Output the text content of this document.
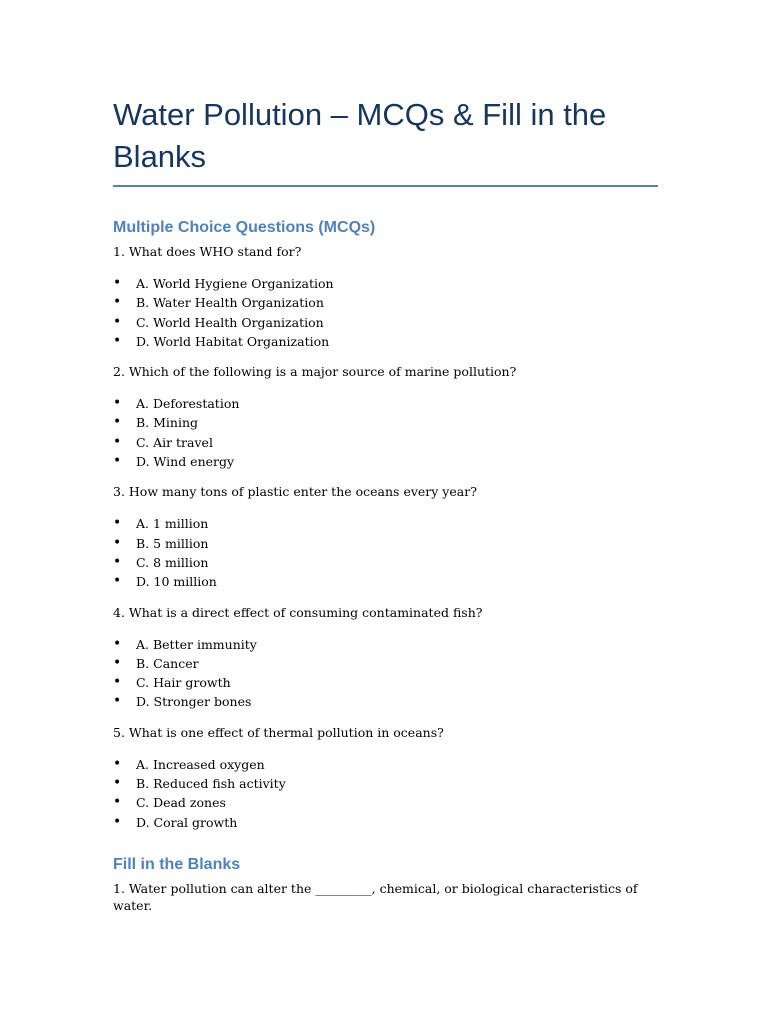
Water Pollution – MCQs & Fill in the Blanks
Multiple Choice Questions (MCQs)

1. What does WHO stand for?

• A. World Hygiene Organization
• B. Water Health Organization
• C. World Health Organization
• D. World Habitat Organization

2. Which of the following is a major source of marine pollution?

• A. Deforestation
• B. Mining
• C. Air travel
• D. Wind energy

3. How many tons of plastic enter the oceans every year?

• A. 1 million
• B. 5 million
• C. 8 million
• D. 10 million

4. What is a direct effect of consuming contaminated fish?

• A. Better immunity
• B. Cancer
• C. Hair growth
• D. Stronger bones

5. What is one effect of thermal pollution in oceans?

• A. Increased oxygen
• B. Reduced fish activity
• C. Dead zones
• D. Coral growth
Fill in the Blanks

1. Water pollution can alter the _________, chemical, or biological characteristics of water.
